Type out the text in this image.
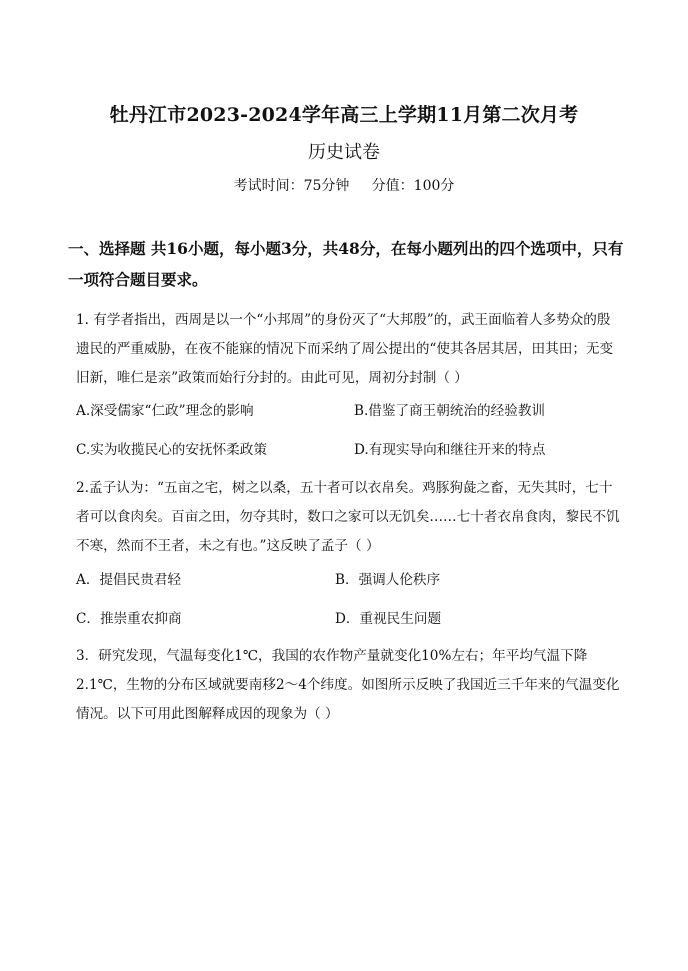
牡丹江市2023-2024学年高三上学期11月第二次月考
历史试卷
考试时间：75分钟     分值：100分
一、选择题 共16小题，每小题3分，共48分，在每小题列出的四个选项中，只有一项符合题目要求。
1. 有学者指出，西周是以一个“小邦周”的身份灭了“大邦殷”的，武王面临着人多势众的殷遗民的严重威胁，在夜不能寐的情况下而采纳了周公提出的“使其各居其居，田其田；无变旧新，唯仁是亲”政策而始行分封的。由此可见，周初分封制（ ）
A.深受儒家“仁政”理念的影响	B.借鉴了商王朝统治的经验教训
C.实为收揽民心的安抚怀柔政策	D.有现实导向和继往开来的特点
2.孟子认为：“五亩之宅，树之以桑，五十者可以衣帛矣。鸡豚狗彘之畜，无失其时，七十者可以食肉矣。百亩之田，勿夺其时，数口之家可以无饥矣……七十者衣帛食肉，黎民不饥不寒，然而不王者，未之有也。”这反映了孟子（ ）
A．提倡民贵君轻	B．强调人伦秩序
C．推崇重农抑商	D．重视民生问题
3．研究发现，气温每变化1℃，我国的农作物产量就变化10%左右；年平均气温下降2.1℃，生物的分布区域就要南移2～4个纬度。如图所示反映了我国近三千年来的气温变化情况。以下可用此图解释成因的现象为（ ）
